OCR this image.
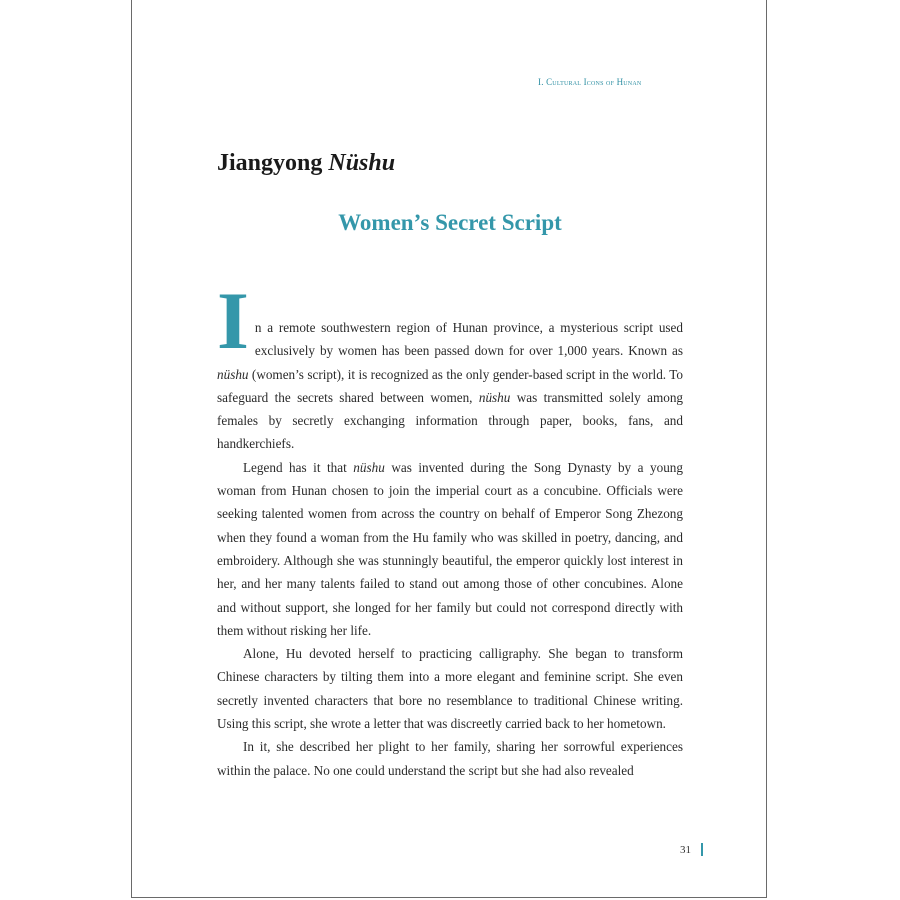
I. Cultural Icons of Hunan
Jiangyong Nüshu
Women’s Secret Script

In a remote southwestern region of Hunan province, a mysterious script used exclusively by women has been passed down for over 1,000 years. Known as nüshu (women’s script), it is recognized as the only gender-based script in the world. To safeguard the secrets shared between women, nüshu was transmitted solely among females by secretly exchanging information through paper, books, fans, and handkerchiefs.

Legend has it that nüshu was invented during the Song Dynasty by a young woman from Hunan chosen to join the imperial court as a concubine. Officials were seeking talented women from across the country on behalf of Emperor Song Zhezong when they found a woman from the Hu family who was skilled in poetry, dancing, and embroidery. Although she was stunningly beautiful, the emperor quickly lost interest in her, and her many talents failed to stand out among those of other concubines. Alone and without support, she longed for her family but could not correspond directly with them without risking her life.

Alone, Hu devoted herself to practicing calligraphy. She began to transform Chinese characters by tilting them into a more elegant and feminine script. She even secretly invented characters that bore no resemblance to traditional Chinese writing. Using this script, she wrote a letter that was discreetly carried back to her hometown.

In it, she described her plight to her family, sharing her sorrowful experiences within the palace. No one could understand the script but she had also revealed

31
